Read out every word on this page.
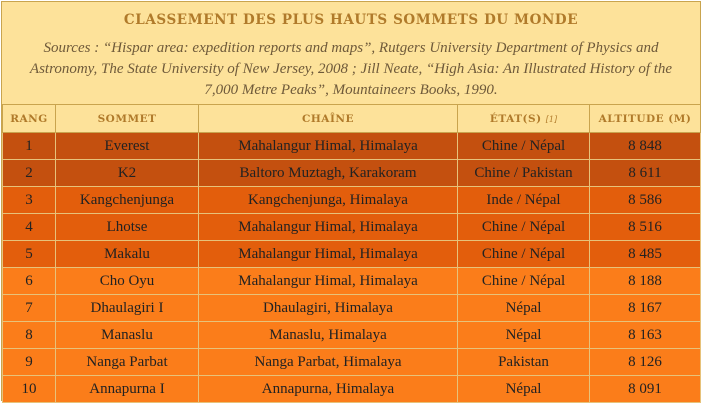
CLASSEMENT DES PLUS HAUTS SOMMETS DU MONDE
Sources : “Hispar area: expedition reports and maps”, Rutgers University Department of Physics and Astronomy, The State University of New Jersey, 2008 ; Jill Neate, “High Asia: An Illustrated History of the 7,000 Metre Peaks”, Mountaineers Books, 1990.
RANG	SOMMET	CHAÎNE	ÉTAT(S) [1]	ALTITUDE (M)
1	Everest	Mahalangur Himal, Himalaya	Chine / Népal	8 848
2	K2	Baltoro Muztagh, Karakoram	Chine / Pakistan	8 611
3	Kangchenjunga	Kangchenjunga, Himalaya	Inde / Népal	8 586
4	Lhotse	Mahalangur Himal, Himalaya	Chine / Népal	8 516
5	Makalu	Mahalangur Himal, Himalaya	Chine / Népal	8 485
6	Cho Oyu	Mahalangur Himal, Himalaya	Chine / Népal	8 188
7	Dhaulagiri I	Dhaulagiri, Himalaya	Népal	8 167
8	Manaslu	Manaslu, Himalaya	Népal	8 163
9	Nanga Parbat	Nanga Parbat, Himalaya	Pakistan	8 126
10	Annapurna I	Annapurna, Himalaya	Népal	8 091
